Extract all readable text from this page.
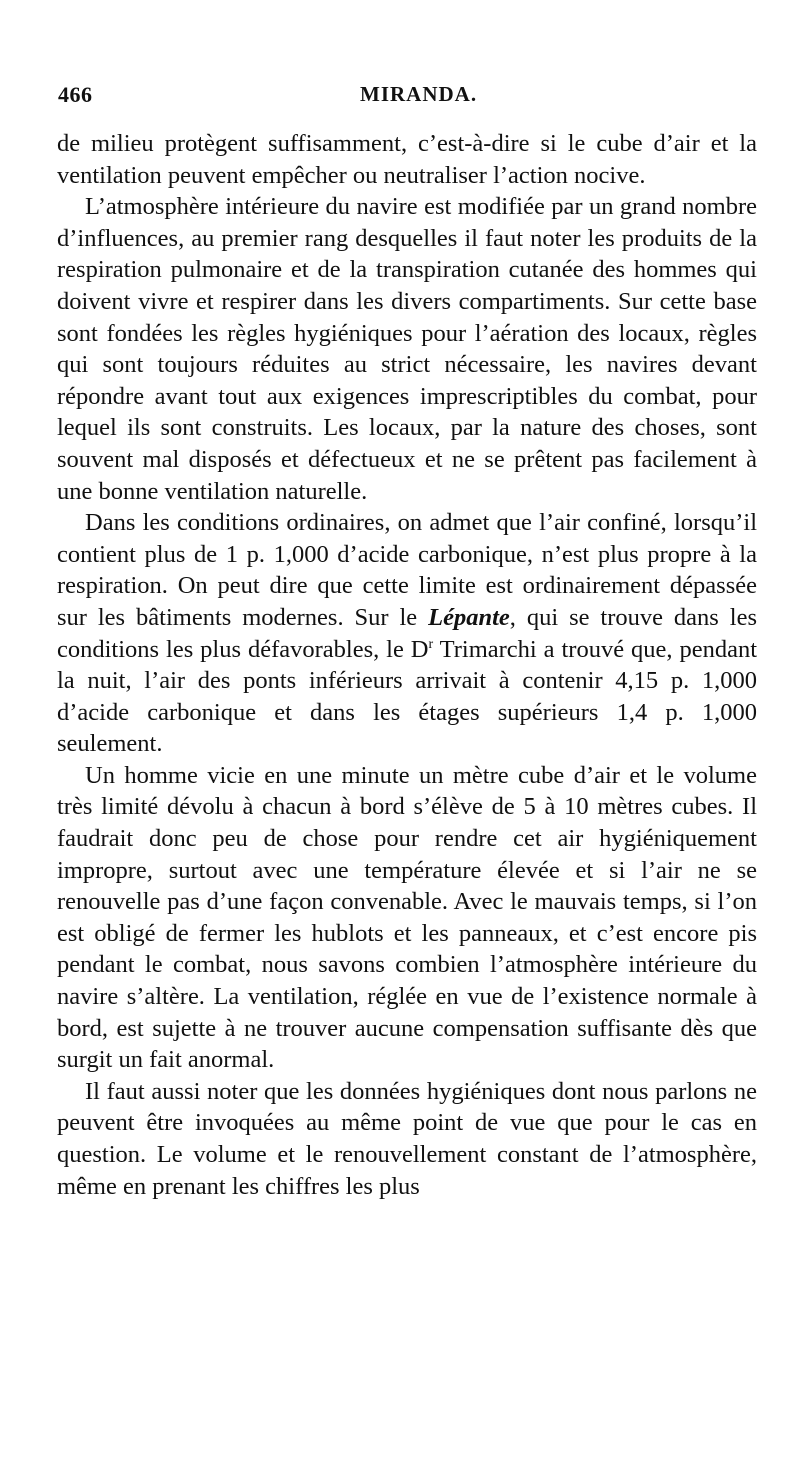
466	MIRANDA.

de milieu protègent suffisamment, c’est-à-dire si le cube d’air et la ventilation peuvent empêcher ou neutraliser l’action nocive.

L’atmosphère intérieure du navire est modifiée par un grand nombre d’influences, au premier rang desquelles il faut noter les produits de la respiration pulmonaire et de la transpiration cutanée des hommes qui doivent vivre et respirer dans les divers compartiments. Sur cette base sont fondées les règles hygiéniques pour l’aération des locaux, règles qui sont toujours réduites au strict nécessaire, les navires devant répondre avant tout aux exigences imprescriptibles du combat, pour lequel ils sont construits. Les locaux, par la nature des choses, sont souvent mal disposés et défectueux et ne se prêtent pas facilement à une bonne ventilation naturelle.

Dans les conditions ordinaires, on admet que l’air confiné, lorsqu’il contient plus de 1 p. 1,000 d’acide carbonique, n’est plus propre à la respiration. On peut dire que cette limite est ordinairement dépassée sur les bâtiments modernes. Sur le Lépante, qui se trouve dans les conditions les plus défavorables, le $D^r$ Trimarchi a trouvé que, pendant la nuit, l’air des ponts inférieurs arrivait à contenir 4,15 p. 1,000 d’acide carbonique et dans les étages supérieurs 1,4 p. 1,000 seulement.

Un homme vicie en une minute un mètre cube d’air et le volume très limité dévolu à chacun à bord s’élève de 5 à 10 mètres cubes. Il faudrait donc peu de chose pour rendre cet air hygiéniquement impropre, surtout avec une température élevée et si l’air ne se renouvelle pas d’une façon convenable. Avec le mauvais temps, si l’on est obligé de fermer les hublots et les panneaux, et c’est encore pis pendant le combat, nous savons combien l’atmosphère intérieure du navire s’altère. La ventilation, réglée en vue de l’existence normale à bord, est sujette à ne trouver aucune compensation suffisante dès que surgit un fait anormal.

Il faut aussi noter que les données hygiéniques dont nous parlons ne peuvent être invoquées au même point de vue que pour le cas en question. Le volume et le renouvellement constant de l’atmosphère, même en prenant les chiffres les plus
